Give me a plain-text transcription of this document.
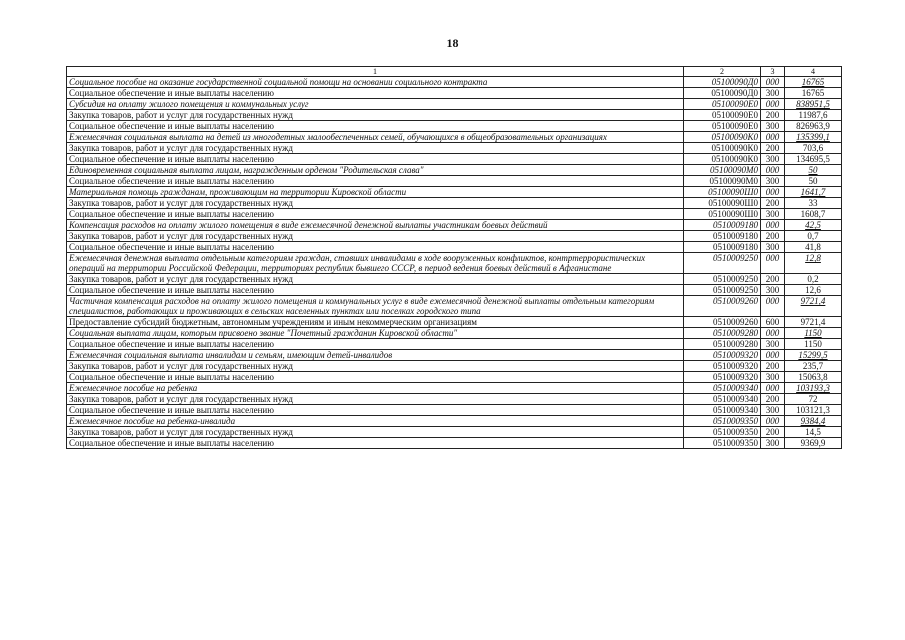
18
1	2	3	4
Социальное пособие на оказание государственной социальной помощи на основании социального контракта	05100090Д0	000	16765
Социальное обеспечение и иные выплаты населению	05100090Д0	300	16765
Субсидия на оплату жилого помещения и коммунальных услуг	05100090Е0	000	838951,5
Закупка товаров, работ и услуг для государственных нужд	05100090Е0	200	11987,6
Социальное обеспечение и иные выплаты населению	05100090Е0	300	826963,9
Ежемесячная социальная выплата на детей из многодетных малообеспеченных семей, обучающихся в общеобразовательных организациях	05100090К0	000	135399,1
Закупка товаров, работ и услуг для государственных нужд	05100090К0	200	703,6
Социальное обеспечение и иные выплаты населению	05100090К0	300	134695,5
Единовременная социальная выплата лицам, награжденным орденом "Родительская слава"	05100090М0	000	50
Социальное обеспечение и иные выплаты населению	05100090М0	300	50
Материальная помощь гражданам, проживающим на территории Кировской области	05100090Ш0	000	1641,7
Закупка товаров, работ и услуг для государственных нужд	05100090Ш0	200	33
Социальное обеспечение и иные выплаты населению	05100090Ш0	300	1608,7
Компенсация расходов на оплату жилого помещения в виде ежемесячной денежной выплаты участникам боевых действий	0510009180	000	42,5
Закупка товаров, работ и услуг для государственных нужд	0510009180	200	0,7
Социальное обеспечение и иные выплаты населению	0510009180	300	41,8
Ежемесячная денежная выплата отдельным категориям граждан, ставших инвалидами в ходе вооруженных конфликтов, контртеррористических операций на территории Российской Федерации, территориях республик бывшего СССР, в период ведения боевых действий в Афганистане	0510009250	000	12,8
Закупка товаров, работ и услуг для государственных нужд	0510009250	200	0,2
Социальное обеспечение и иные выплаты населению	0510009250	300	12,6
Частичная компенсация расходов на оплату жилого помещения и коммунальных услуг в виде ежемесячной денежной выплаты отдельным категориям специалистов, работающих и проживающих в сельских населенных пунктах или поселках городского типа	0510009260	000	9721,4
Предоставление субсидий бюджетным, автономным учреждениям и иным некоммерческим организациям	0510009260	600	9721,4
Социальная выплата лицам, которым присвоено звание "Почетный гражданин Кировской области"	0510009280	000	1150
Социальное обеспечение и иные выплаты населению	0510009280	300	1150
Ежемесячная социальная выплата инвалидам и семьям, имеющим детей-инвалидов	0510009320	000	15299,5
Закупка товаров, работ и услуг для государственных нужд	0510009320	200	235,7
Социальное обеспечение и иные выплаты населению	0510009320	300	15063,8
Ежемесячное пособие на ребенка	0510009340	000	103193,3
Закупка товаров, работ и услуг для государственных нужд	0510009340	200	72
Социальное обеспечение и иные выплаты населению	0510009340	300	103121,3
Ежемесячное пособие на ребенка-инвалида	0510009350	000	9384,4
Закупка товаров, работ и услуг для государственных нужд	0510009350	200	14,5
Социальное обеспечение и иные выплаты населению	0510009350	300	9369,9
